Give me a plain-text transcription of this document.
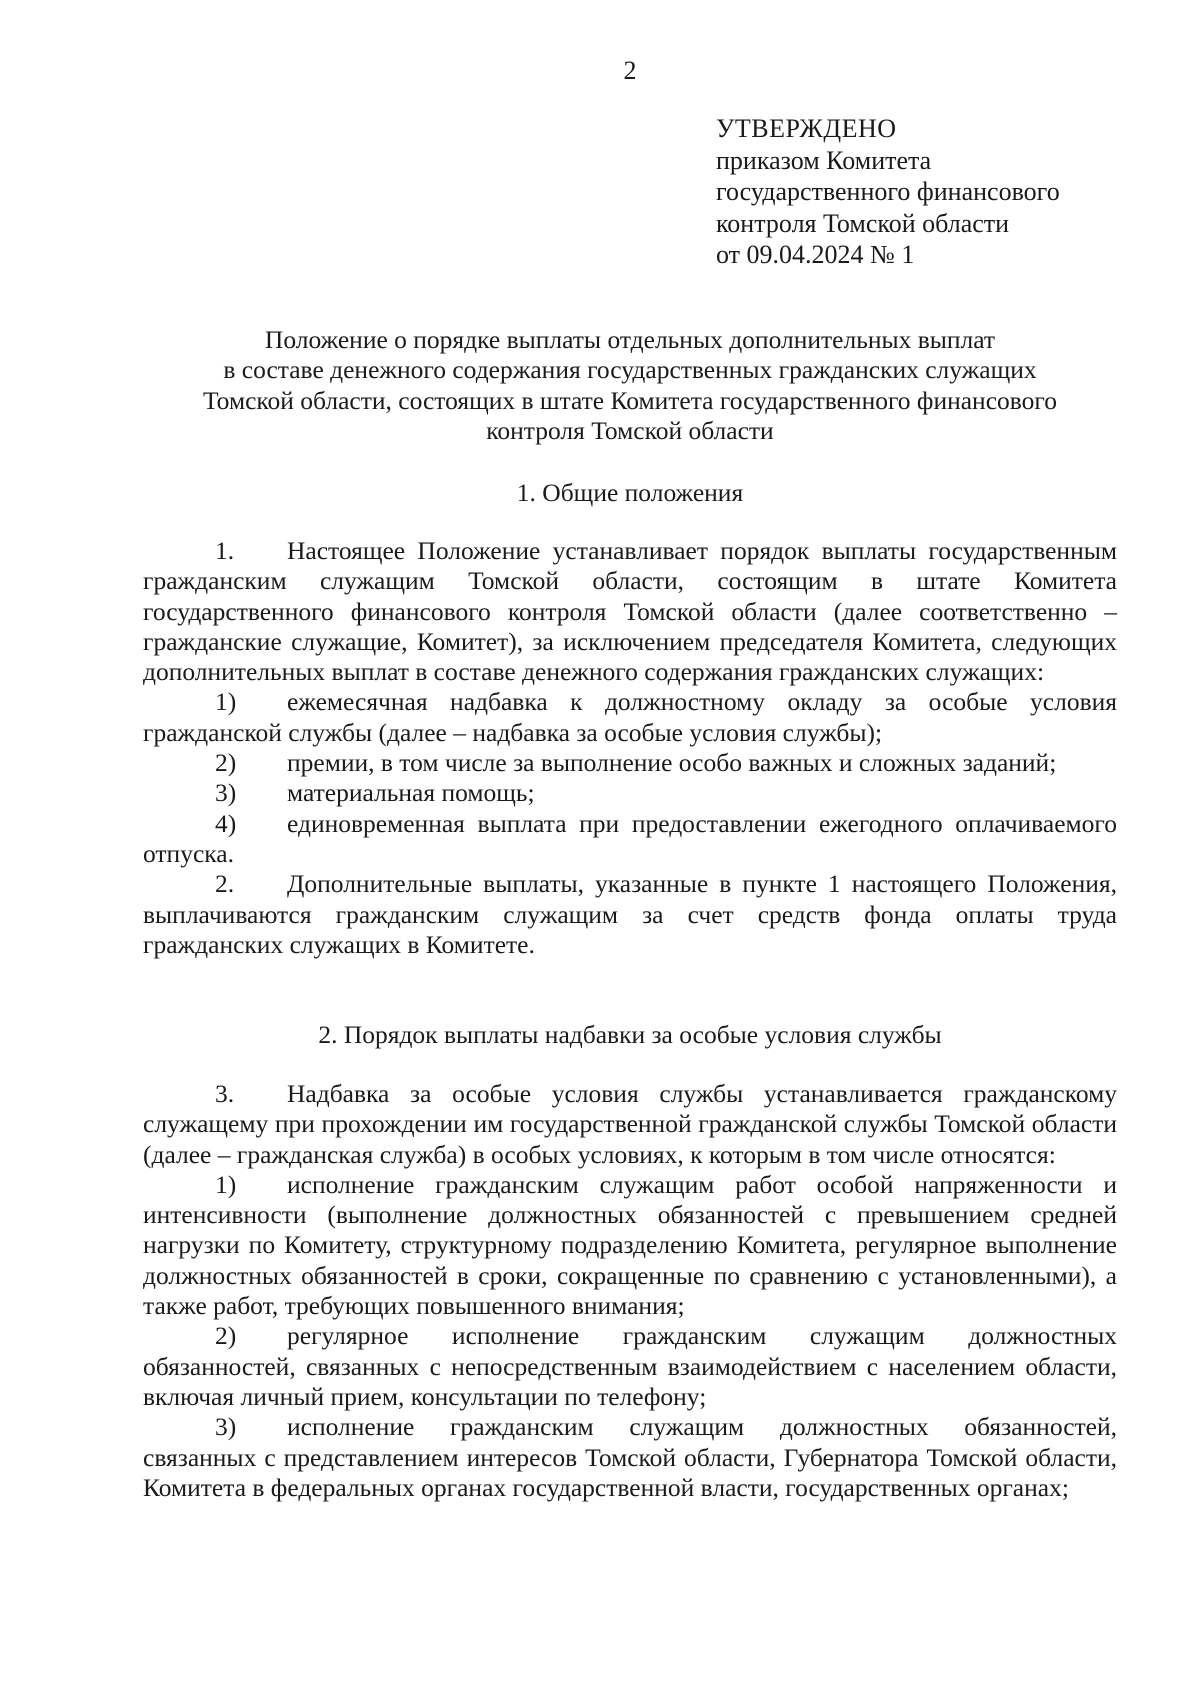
2
УТВЕРЖДЕНО
приказом Комитета
государственного финансового
контроля Томской области
от 09.04.2024 № 1
Положение о порядке выплаты отдельных дополнительных выплат
в составе денежного содержания государственных гражданских служащих
Томской области, состоящих в штате Комитета государственного финансового
контроля Томской области
1. Общие положения

1. Настоящее Положение устанавливает порядок выплаты государственным гражданским служащим Томской области, состоящим в штате Комитета государственного финансового контроля Томской области (далее соответственно – гражданские служащие, Комитет), за исключением председателя Комитета, следующих дополнительных выплат в составе денежного содержания гражданских служащих:

1) ежемесячная надбавка к должностному окладу за особые условия гражданской службы (далее – надбавка за особые условия службы);

2) премии, в том числе за выполнение особо важных и сложных заданий;

3) материальная помощь;

4) единовременная выплата при предоставлении ежегодного оплачиваемого отпуска.

2. Дополнительные выплаты, указанные в пункте 1 настоящего Положения, выплачиваются гражданским служащим за счет средств фонда оплаты труда гражданских служащих в Комитете.

2. Порядок выплаты надбавки за особые условия службы

3. Надбавка за особые условия службы устанавливается гражданскому служащему при прохождении им государственной гражданской службы Томской области (далее – гражданская служба) в особых условиях, к которым в том числе относятся:

1) исполнение гражданским служащим работ особой напряженности и интенсивности (выполнение должностных обязанностей с превышением средней нагрузки по Комитету, структурному подразделению Комитета, регулярное выполнение должностных обязанностей в сроки, сокращенные по сравнению с установленными), а также работ, требующих повышенного внимания;

2) регулярное исполнение гражданским служащим должностных обязанностей, связанных с непосредственным взаимодействием с населением области, включая личный прием, консультации по телефону;

3) исполнение гражданским служащим должностных обязанностей, связанных с представлением интересов Томской области, Губернатора Томской области, Комитета в федеральных органах государственной власти, государственных органах;
